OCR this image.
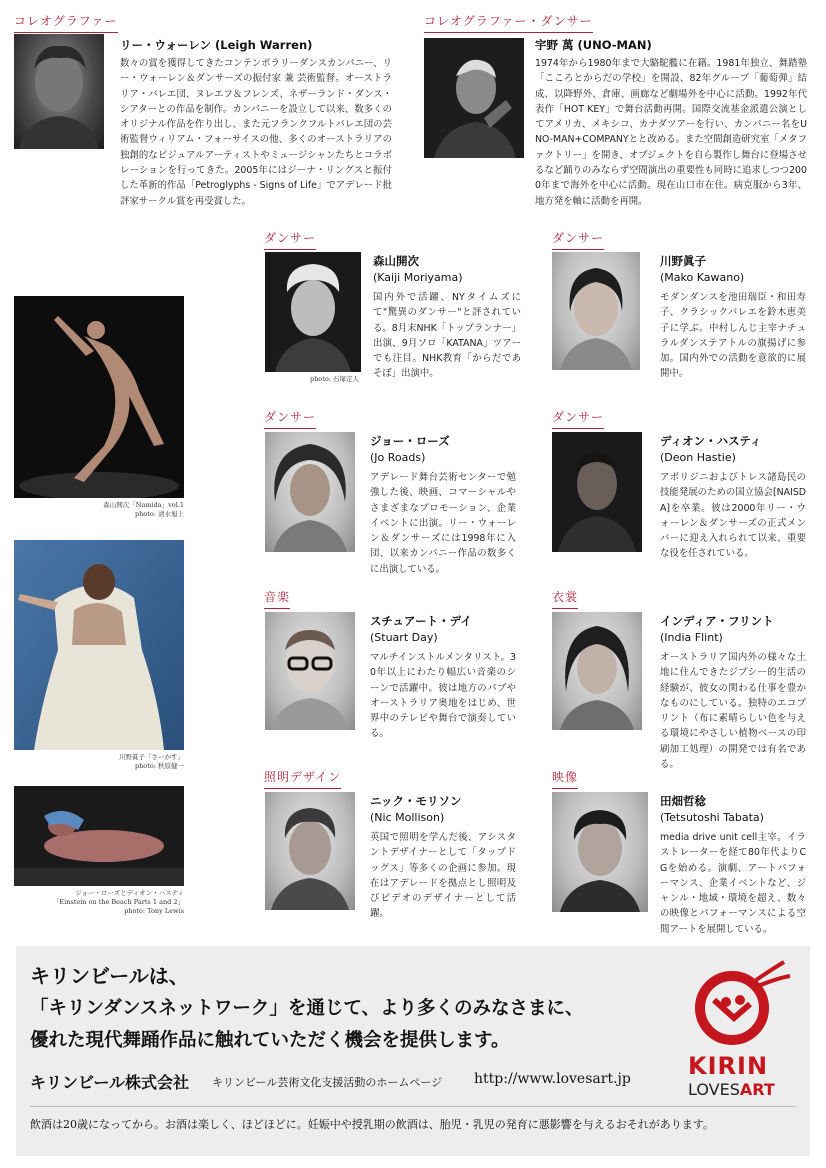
コレオグラファー
リー・ウォーレン (Leigh Warren)
数々の賞を獲得してきたコンテンポラリーダンスカンパニー、リー・ウォーレン＆ダンサーズの振付家 兼 芸術監督。オーストラリア・バレエ団、ヌレエフ＆フレンズ、ネザーランド・ダンス・シアターとの作品を制作。カンパニーを設立して以来、数多くのオリジナル作品を作り出し、また元フランクフルトバレエ団の芸術監督ウィリアム・フォーサイスの他、多くのオーストラリアの独創的なビジュアルアーティストやミュージシャンたちとコラボレーションを行ってきた。2005年にはジーナ・リングスと振付した革新的作品「Petroglyphs - Signs of Life」でアデレード批評家サークル賞を再受賞した。
コレオグラファー・ダンサー
宇野 萬 (UNO-MAN)
1974年から1980年まで大駱駝艦に在籍。1981年独立、舞踏塾「こころとからだの学校」を開設、82年グループ「葡萄弾」結成、以降野外、倉庫、画廊など劇場外を中心に活動。1992年代表作「HOT KEY」で舞台活動再開。国際交流基金派遣公演としてアメリカ、メキシコ、カナダツアーを行い、カンパニー名をUNO-MAN+COMPANYとと改める。また空間創造研究室「メタファクトリー」を開き、オブジェクトを自ら製作し舞台に登場させるなど踊りのみならず空間演出の重要性も同時に追求しつつ2000年まで海外を中心に活動。現在山口市在住。病克服から3年、地方発を軸に活動を再開。
森山開次「Namida」vol.1
photo: 清水旭上
川野眞子「さーかす」
photo: 秋原健一
ジョー・ローズとディオン・ハスティ
「Einstein on the Beach Parts 1 and 2」
photo: Tony Lewis
ダンサー
photo: 石塚定人
森山開次
(Kaiji Moriyama)
国内外で活躍、NYタイムズにて"驚異のダンサー"と評されている。8月末NHK「トップランナー」出演、9月ソロ「KATANA」ツアーでも注目。NHK教育「からだであそぼ」出演中。
ダンサー
川野眞子
(Mako Kawano)
モダンダンスを池田瑞臣・和田寿子、クラシックバレエを鈴木恵美子に学ぶ。中村しんじ主宰ナチュラルダンステアトルの旗揚げに参加。国内外での活動を意欲的に展開中。
ダンサー
ジョー・ローズ
(Jo Roads)
アデレード舞台芸術センターで勉強した後、映画、コマーシャルやさまざまなプロモーション、企業イベントに出演。リー・ウォーレン＆ダンサーズには1998年に入団、以来カンパニー作品の数多くに出演している。
ダンサー
ディオン・ハスティ
(Deon Hastie)
アボリジニおよびトレス諸島民の技能発展のための国立協会[NAISDA]を卒業。彼は2000年リー・ウォーレン＆ダンサーズの正式メンバーに迎え入れられて以来、重要な役を任されている。
音楽
スチュアート・デイ
(Stuart Day)
マルチインストルメンタリスト。30年以上にわたり幅広い音楽のシーンで活躍中。彼は地方のパブやオーストラリア奥地をはじめ、世界中のテレビや舞台で演奏している。
衣裳
インディア・フリント
(India Flint)
オーストラリア国内外の様々な土地に住んできたジプシー的生活の経験が、彼女の関わる仕事を豊かなものにしている。独特のエコプリント（布に素晴らしい色を与える環境にやさしい植物ベースの印刷加工処理）の開発では有名である。
照明デザイン
ニック・モリソン
(Nic Mollison)
英国で照明を学んだ後、アシスタントデザイナーとして「タップドッグス」等多くの企画に参加。現在はアデレードを拠点とし照明及びビデオのデザイナーとして活躍。
映像
田畑哲稔
(Tetsutoshi Tabata)
media drive unit cell主宰。イラストレーターを経て80年代よりCGを始める。演劇、アートパフォーマンス、企業イベントなど、ジャンル・地域・環境を超え、数々の映像とパフォーマンスによる空間アートを展開している。
キリンビールは、
「キリンダンスネットワーク」を通じて、より多くのみなさまに、
優れた現代舞踊作品に触れていただく機会を提供します。
キリンビール株式会社 キリンビール芸術文化支援活動のホームページ http://www.lovesart.jp KIRIN
LOVESART
飲酒は20歳になってから。お酒は楽しく、ほどほどに。妊娠中や授乳期の飲酒は、胎児・乳児の発育に悪影響を与えるおそれがあります。
